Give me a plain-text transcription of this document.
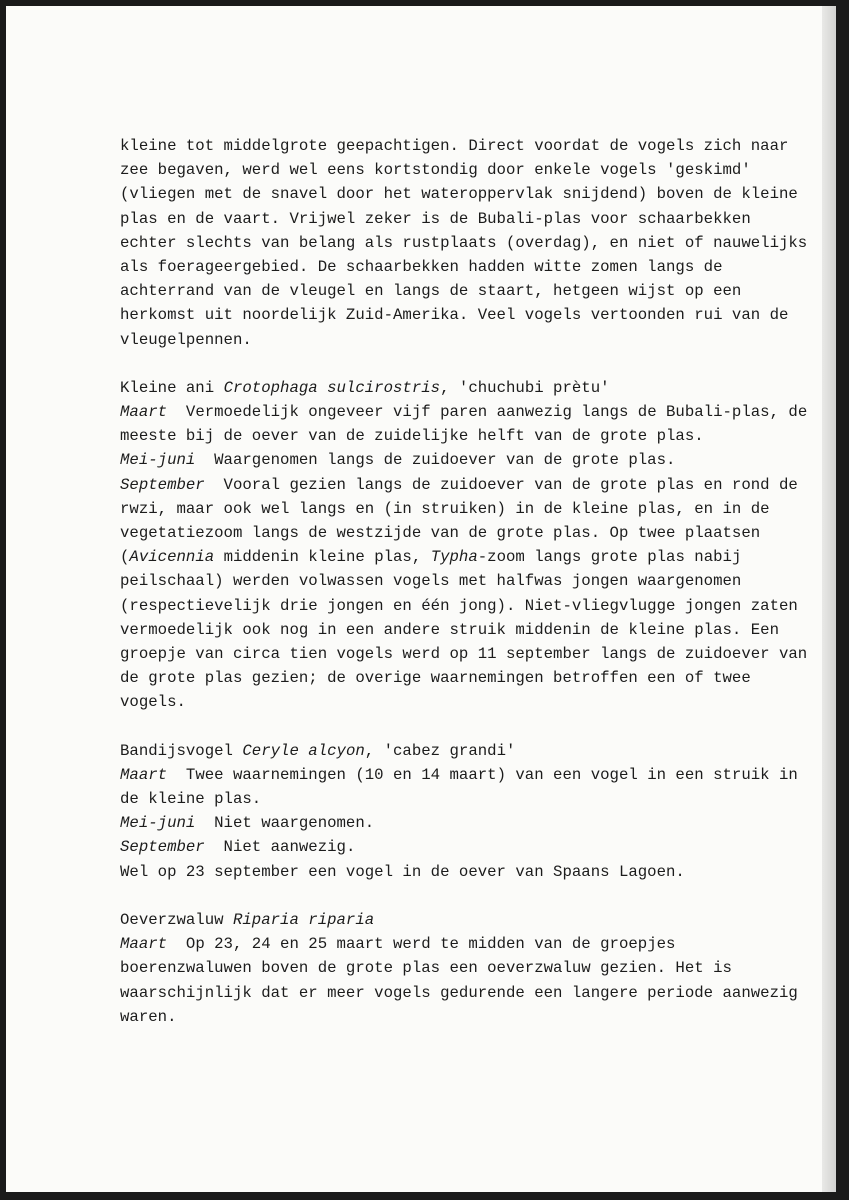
kleine tot middelgrote geepachtigen. Direct voordat de vogels zich naar
zee begaven, werd wel eens kortstondig door enkele vogels 'geskimd'
(vliegen met de snavel door het wateroppervlak snijdend) boven de kleine
plas en de vaart. Vrijwel zeker is de Bubali-plas voor schaarbekken
echter slechts van belang als rustplaats (overdag), en niet of nauwelijks
als foerageergebied. De schaarbekken hadden witte zomen langs de
achterrand van de vleugel en langs de staart, hetgeen wijst op een
herkomst uit noordelijk Zuid-Amerika. Veel vogels vertoonden rui van de
vleugelpennen.
Kleine ani Crotophaga sulcirostris, 'chuchubi prètu'
Maart  Vermoedelijk ongeveer vijf paren aanwezig langs de Bubali-plas, de
meeste bij de oever van de zuidelijke helft van de grote plas.
Mei-juni  Waargenomen langs de zuidoever van de grote plas.
September  Vooral gezien langs de zuidoever van de grote plas en rond de
rwzi, maar ook wel langs en (in struiken) in de kleine plas, en in de
vegetatiezoom langs de westzijde van de grote plas. Op twee plaatsen
(Avicennia middenin kleine plas, Typha-zoom langs grote plas nabij
peilschaal) werden volwassen vogels met halfwas jongen waargenomen
(respectievelijk drie jongen en één jong). Niet-vliegvlugge jongen zaten
vermoedelijk ook nog in een andere struik middenin de kleine plas. Een
groepje van circa tien vogels werd op 11 september langs de zuidoever van
de grote plas gezien; de overige waarnemingen betroffen een of twee
vogels.
Bandijsvogel Ceryle alcyon, 'cabez grandi'
Maart  Twee waarnemingen (10 en 14 maart) van een vogel in een struik in
de kleine plas.
Mei-juni  Niet waargenomen.
September  Niet aanwezig.
Wel op 23 september een vogel in de oever van Spaans Lagoen.
Oeverzwaluw Riparia riparia
Maart  Op 23, 24 en 25 maart werd te midden van de groepjes
boerenzwaluwen boven de grote plas een oeverzwaluw gezien. Het is
waarschijnlijk dat er meer vogels gedurende een langere periode aanwezig
waren.
